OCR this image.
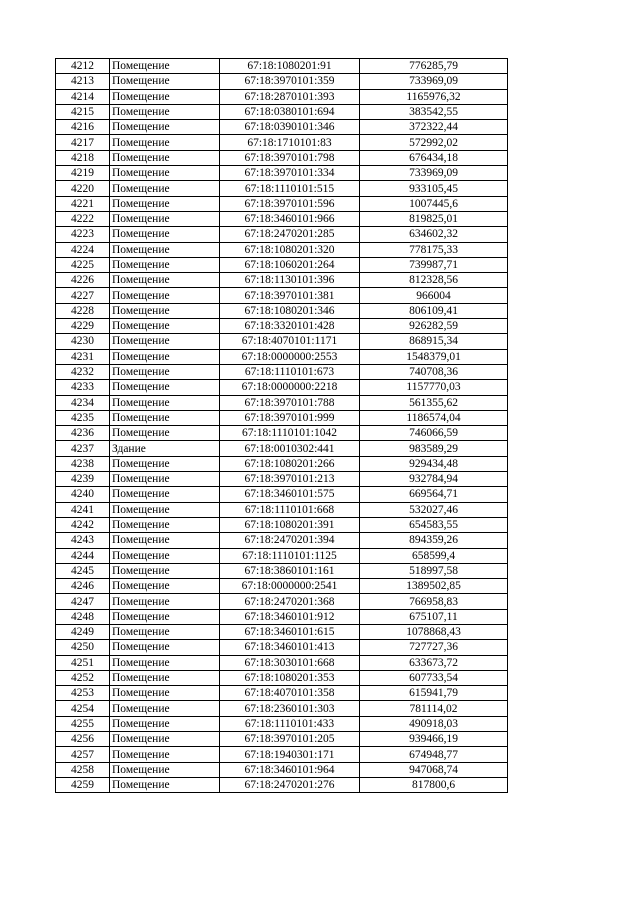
4212	Помещение	67:18:1080201:91	776285,79
4213	Помещение	67:18:3970101:359	733969,09
4214	Помещение	67:18:2870101:393	1165976,32
4215	Помещение	67:18:0380101:694	383542,55
4216	Помещение	67:18:0390101:346	372322,44
4217	Помещение	67:18:1710101:83	572992,02
4218	Помещение	67:18:3970101:798	676434,18
4219	Помещение	67:18:3970101:334	733969,09
4220	Помещение	67:18:1110101:515	933105,45
4221	Помещение	67:18:3970101:596	1007445,6
4222	Помещение	67:18:3460101:966	819825,01
4223	Помещение	67:18:2470201:285	634602,32
4224	Помещение	67:18:1080201:320	778175,33
4225	Помещение	67:18:1060201:264	739987,71
4226	Помещение	67:18:1130101:396	812328,56
4227	Помещение	67:18:3970101:381	966004
4228	Помещение	67:18:1080201:346	806109,41
4229	Помещение	67:18:3320101:428	926282,59
4230	Помещение	67:18:4070101:1171	868915,34
4231	Помещение	67:18:0000000:2553	1548379,01
4232	Помещение	67:18:1110101:673	740708,36
4233	Помещение	67:18:0000000:2218	1157770,03
4234	Помещение	67:18:3970101:788	561355,62
4235	Помещение	67:18:3970101:999	1186574,04
4236	Помещение	67:18:1110101:1042	746066,59
4237	Здание	67:18:0010302:441	983589,29
4238	Помещение	67:18:1080201:266	929434,48
4239	Помещение	67:18:3970101:213	932784,94
4240	Помещение	67:18:3460101:575	669564,71
4241	Помещение	67:18:1110101:668	532027,46
4242	Помещение	67:18:1080201:391	654583,55
4243	Помещение	67:18:2470201:394	894359,26
4244	Помещение	67:18:1110101:1125	658599,4
4245	Помещение	67:18:3860101:161	518997,58
4246	Помещение	67:18:0000000:2541	1389502,85
4247	Помещение	67:18:2470201:368	766958,83
4248	Помещение	67:18:3460101:912	675107,11
4249	Помещение	67:18:3460101:615	1078868,43
4250	Помещение	67:18:3460101:413	727727,36
4251	Помещение	67:18:3030101:668	633673,72
4252	Помещение	67:18:1080201:353	607733,54
4253	Помещение	67:18:4070101:358	615941,79
4254	Помещение	67:18:2360101:303	781114,02
4255	Помещение	67:18:1110101:433	490918,03
4256	Помещение	67:18:3970101:205	939466,19
4257	Помещение	67:18:1940301:171	674948,77
4258	Помещение	67:18:3460101:964	947068,74
4259	Помещение	67:18:2470201:276	817800,6
